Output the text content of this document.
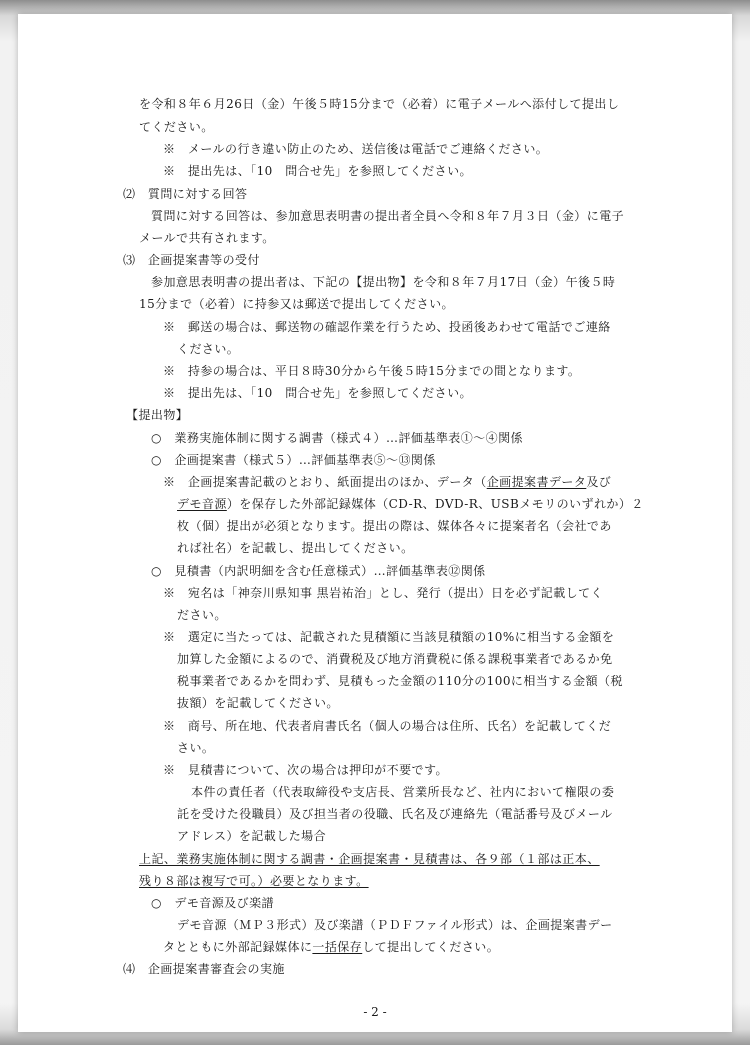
を令和８年６月26日（金）午後５時15分まで（必着）に電子メールへ添付して提出し
てください。
※　メールの行き違い防止のため、送信後は電話でご連絡ください。
※　提出先は、「10　問合せ先」を参照してください。
⑵　質問に対する回答
質問に対する回答は、参加意思表明書の提出者全員へ令和８年７月３日（金）に電子
メールで共有されます。
⑶　企画提案書等の受付
参加意思表明書の提出者は、下記の【提出物】を令和８年７月17日（金）午後５時
15分まで（必着）に持参又は郵送で提出してください。
※　郵送の場合は、郵送物の確認作業を行うため、投函後あわせて電話でご連絡
ください。
※　持参の場合は、平日８時30分から午後５時15分までの間となります。
※　提出先は、「10　問合せ先」を参照してください。
【提出物】
○　業務実施体制に関する調書（様式４）…評価基準表①～④関係
○　企画提案書（様式５）…評価基準表⑤～⑬関係
※　企画提案書記載のとおり、紙面提出のほか、データ（企画提案書データ及び
デモ音源）を保存した外部記録媒体（CD-R、DVD-R、USBメモリのいずれか）２
枚（個）提出が必須となります。提出の際は、媒体各々に提案者名（会社であ
れば社名）を記載し、提出してください。
○　見積書（内訳明細を含む任意様式）…評価基準表⑫関係
※　宛名は「神奈川県知事 黒岩祐治」とし、発行（提出）日を必ず記載してく
ださい。
※　選定に当たっては、記載された見積額に当該見積額の10%に相当する金額を
加算した金額によるので、消費税及び地方消費税に係る課税事業者であるか免
税事業者であるかを問わず、見積もった金額の110分の100に相当する金額（税
抜額）を記載してください。
※　商号、所在地、代表者肩書氏名（個人の場合は住所、氏名）を記載してくだ
さい。
※　見積書について、次の場合は押印が不要です。
本件の責任者（代表取締役や支店長、営業所長など、社内において権限の委
託を受けた役職員）及び担当者の役職、氏名及び連絡先（電話番号及びメール
アドレス）を記載した場合
上記、業務実施体制に関する調書・企画提案書・見積書は、各９部（１部は正本、
残り８部は複写で可。）必要となります。
○　デモ音源及び楽譜
デモ音源（ＭＰ３形式）及び楽譜（ＰＤＦファイル形式）は、企画提案書デー
タとともに外部記録媒体に一括保存して提出してください。
⑷　企画提案書審査会の実施
- 2 -
